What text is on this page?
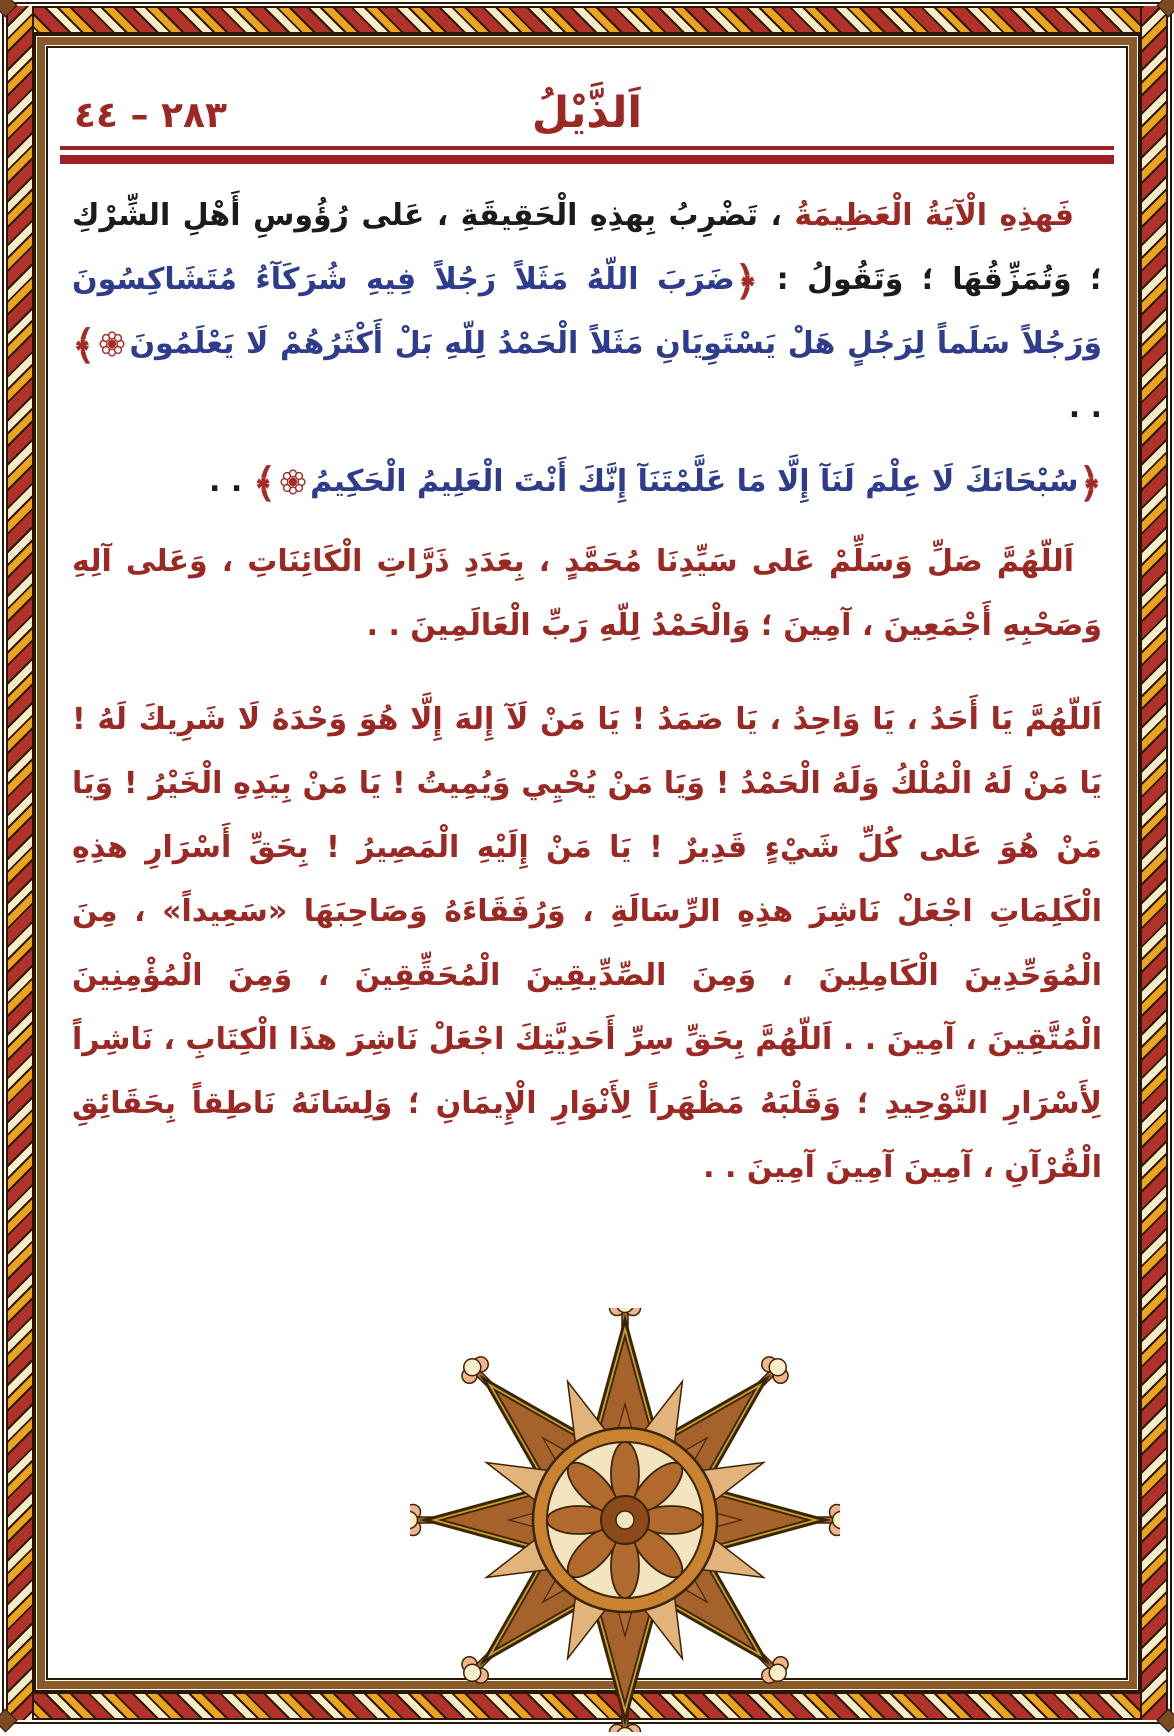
٢٨٣ – ٤٤	اَلذَّيْلُ

فَهذِهِ الْآيَةُ الْعَظِيمَةُ ، تَضْرِبُ بِهذِهِ الْحَقِيقَةِ ، عَلى رُؤُوسِ أَهْلِ الشِّرْكِ ؛ وَتُمَزِّقُهَا ؛ وَتَقُولُ : ﴿ضَرَبَ اللّهُ مَثَلاً رَجُلاً فِيهِ شُرَكَآءُ مُتَشَاكِسُونَ وَرَجُلاً سَلَماً لِرَجُلٍ هَلْ يَسْتَوِيَانِ مَثَلاً الْحَمْدُ لِلّهِ بَلْ أَكْثَرُهُمْ لَا يَعْلَمُونَ﴾ . .

﴿سُبْحَانَكَ لَا عِلْمَ لَنَآ إِلَّا مَا عَلَّمْتَنَآ إِنَّكَ أَنْتَ الْعَلِيمُ الْحَكِيمُ﴾ . .

اَللّهُمَّ صَلِّ وَسَلِّمْ عَلى سَيِّدِنَا مُحَمَّدٍ ، بِعَدَدِ ذَرَّاتِ الْكَائِنَاتِ ، وَعَلى آلِهِ وَصَحْبِهِ أَجْمَعِينَ ، آمِينَ ؛ وَالْحَمْدُ لِلّهِ رَبِّ الْعَالَمِينَ . .

اَللّهُمَّ يَا أَحَدُ ، يَا وَاحِدُ ، يَا صَمَدُ ! يَا مَنْ لَآ إِلهَ إِلَّا هُوَ وَحْدَهُ لَا شَرِيكَ لَهُ ! يَا مَنْ لَهُ الْمُلْكُ وَلَهُ الْحَمْدُ ! وَيَا مَنْ يُحْيِي وَيُمِيتُ ! يَا مَنْ بِيَدِهِ الْخَيْرُ ! وَيَا مَنْ هُوَ عَلى كُلِّ شَيْءٍ قَدِيرٌ ! يَا مَنْ إِلَيْهِ الْمَصِيرُ ! بِحَقِّ أَسْرَارِ هذِهِ الْكَلِمَاتِ اجْعَلْ نَاشِرَ هذِهِ الرِّسَالَةِ ، وَرُفَقَاءَهُ وَصَاحِبَهَا «سَعِيداً» ، مِنَ الْمُوَحِّدِينَ الْكَامِلِينَ ، وَمِنَ الصِّدِّيقِينَ الْمُحَقِّقِينَ ، وَمِنَ الْمُؤْمِنِينَ الْمُتَّقِينَ ، آمِينَ . . اَللّهُمَّ بِحَقِّ سِرِّ أَحَدِيَّتِكَ اجْعَلْ نَاشِرَ هذَا الْكِتَابِ ، نَاشِراً لِأَسْرَارِ التَّوْحِيدِ ؛ وَقَلْبَهُ مَظْهَراً لِأَنْوَارِ الْإِيمَانِ ؛ وَلِسَانَهُ نَاطِقاً بِحَقَائِقِ الْقُرْآنِ ، آمِينَ آمِينَ آمِينَ . .
